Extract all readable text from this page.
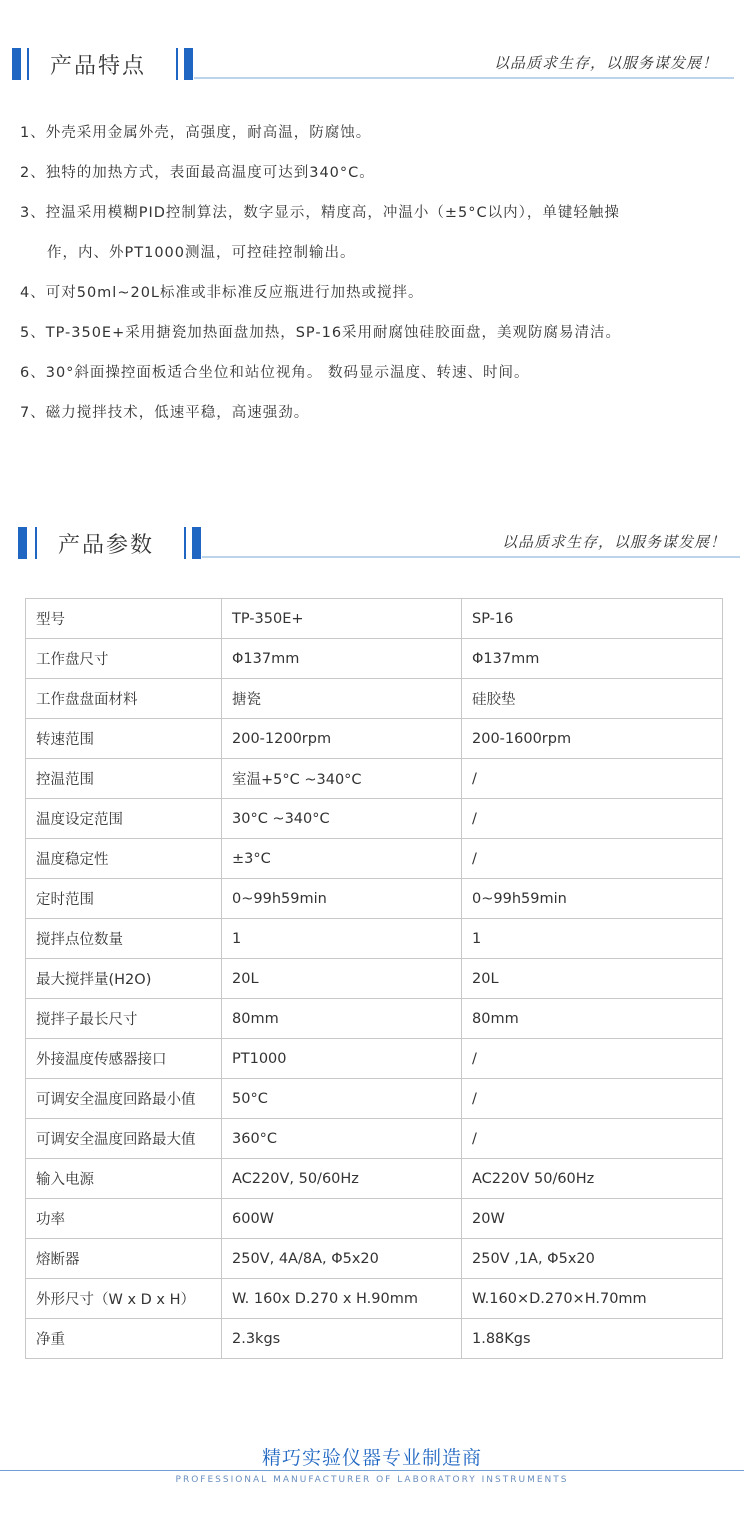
产品特点	以品质求生存，以服务谋发展！
1、外壳采用金属外壳，高强度，耐高温，防腐蚀。
2、独特的加热方式，表面最高温度可达到340°C。
3、控温采用模糊PID控制算法，数字显示，精度高，冲温小（±5°C以内），单键轻触操
作，内、外PT1000测温，可控硅控制输出。
4、可对50ml~20L标准或非标准反应瓶进行加热或搅拌。
5、TP-350E+采用搪瓷加热面盘加热，SP-16采用耐腐蚀硅胶面盘，美观防腐易清洁。
6、30°斜面操控面板适合坐位和站位视角。 数码显示温度、转速、时间。
7、磁力搅拌技术，低速平稳，高速强劲。
产品参数	以品质求生存，以服务谋发展！
型号	TP-350E+	SP-16
工作盘尺寸	Φ137mm	Φ137mm
工作盘盘面材料	搪瓷	硅胶垫
转速范围	200-1200rpm	200-1600rpm
控温范围	室温+5°C ~340°C	/
温度设定范围	30°C ~340°C	/
温度稳定性	±3°C	/
定时范围	0~99h59min	0~99h59min
搅拌点位数量	1	1
最大搅拌量(H2O)	20L	20L
搅拌子最长尺寸	80mm	80mm
外接温度传感器接口	PT1000	/
可调安全温度回路最小值	50°C	/
可调安全温度回路最大值	360°C	/
输入电源	AC220V, 50/60Hz	AC220V 50/60Hz
功率	600W	20W
熔断器	250V, 4A/8A, Φ5x20	250V ,1A, Φ5x20
外形尺寸（W x D x H）	W. 160x D.270 x H.90mm	W.160×D.270×H.70mm
净重	2.3kgs	1.88Kgs
精巧实验仪器专业制造商
PROFESSIONAL MANUFACTURER OF LABORATORY INSTRUMENTS
